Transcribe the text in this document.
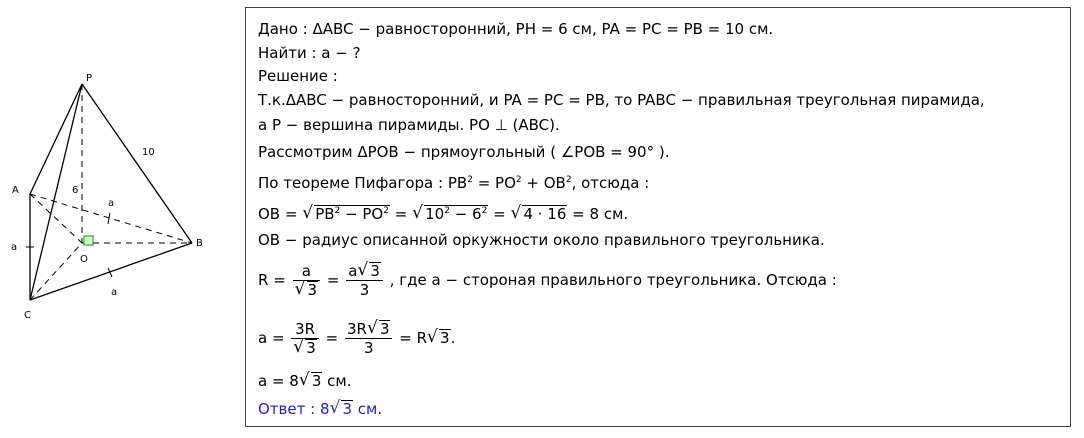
P
A
B
C
O
6
10
a
a
a
Дано : ΔABC − равносторонний, PH = 6 см, PA = PC = PB = 10 см.
Найти : a − ?
Решение :
Т.к.ΔABC − равносторонний, и PA = PC = PB, то PABC − правильная треугольная пирамида,
a P − вершина пирамиды. PO ⊥ (ABC).
Рассмотрим ΔPOB − прямоугольный ( ∠POB = 90° ).
По теореме Пифагора : $PB^2 = PO^2 + OB^2$, отсюда :
OB = √ $PB^2 - PO^2$ = √ $10^2 - 6^2$ = √ 4 · 16 = 8 см.
OB − радиус описанной оркужности около правильного треугольника.
R = a
√ $3 = \frac{a√ 3}{3}$ , где a − стороная правильного треугольника. Отсюда :
a = 3R
√ $3 = \frac{3R√ 3}{3} = R√$ 3.
a = 8√ 3 см.
Ответ : 8√ 3 см.
